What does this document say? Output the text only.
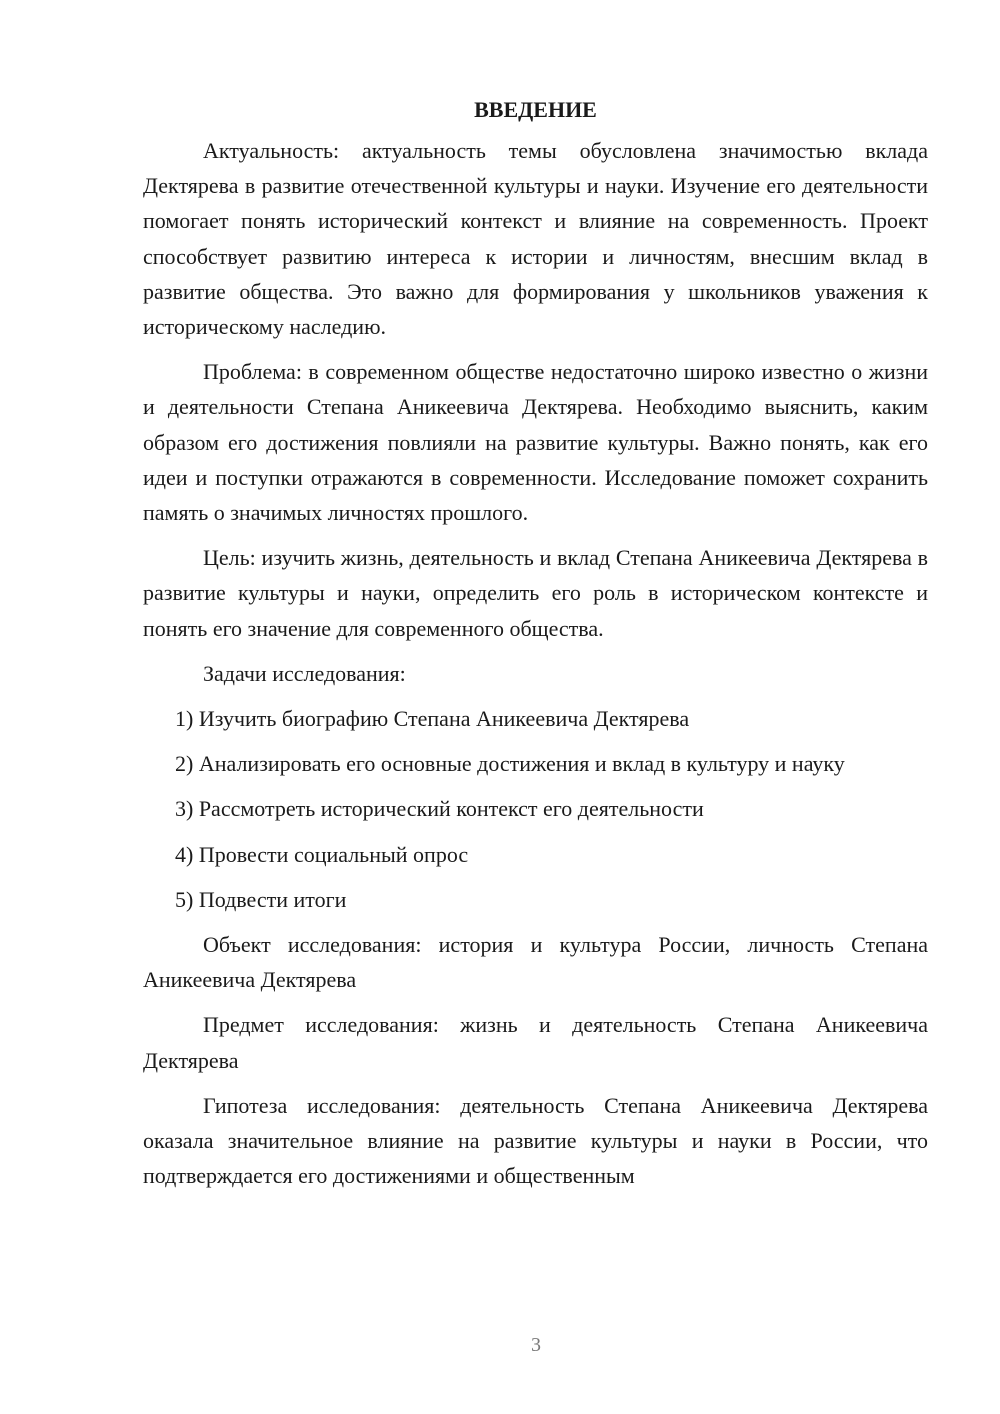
ВВЕДЕНИЕ

Актуальность: актуальность темы обусловлена значимостью вклада Дектярева в развитие отечественной культуры и науки. Изучение его деятельности помогает понять исторический контекст и влияние на современность. Проект способствует развитию интереса к истории и личностям, внесшим вклад в развитие общества. Это важно для формирования у школьников уважения к историческому наследию.

Проблема: в современном обществе недостаточно широко известно о жизни и деятельности Степана Аникеевича Дектярева. Необходимо выяснить, каким образом его достижения повлияли на развитие культуры. Важно понять, как его идеи и поступки отражаются в современности. Исследование поможет сохранить память о значимых личностях прошлого.

Цель: изучить жизнь, деятельность и вклад Степана Аникеевича Дектярева в развитие культуры и науки, определить его роль в историческом контексте и понять его значение для современного общества.

Задачи исследования:

1) Изучить биографию Степана Аникеевича Дектярева

2) Анализировать его основные достижения и вклад в культуру и науку

3) Рассмотреть исторический контекст его деятельности

4) Провести социальный опрос

5) Подвести итоги

Объект исследования: история и культура России, личность Степана Аникеевича Дектярева

Предмет исследования: жизнь и деятельность Степана Аникеевича Дектярева

Гипотеза исследования: деятельность Степана Аникеевича Дектярева оказала значительное влияние на развитие культуры и науки в России, что подтверждается его достижениями и общественным

3
